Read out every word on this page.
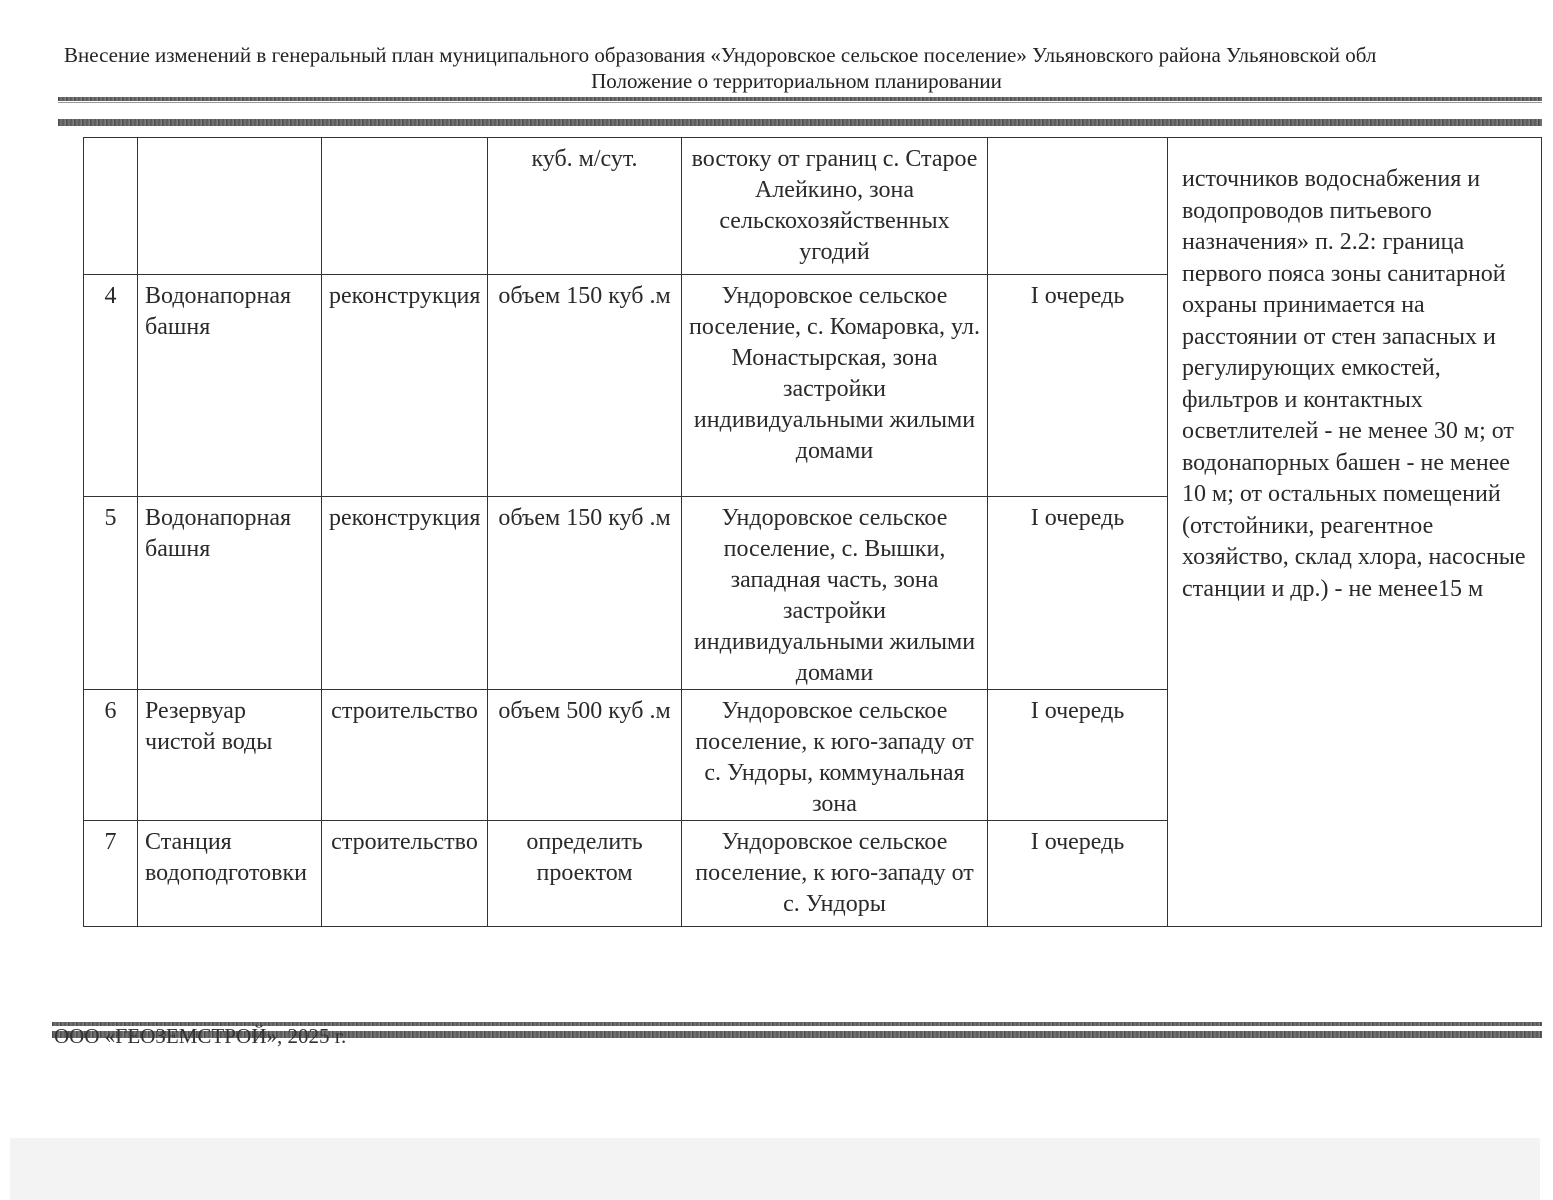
Внесение изменений в генеральный план муниципального образования «Ундоровское сельское поселение» Ульяновского района Ульяновской обл
Положение о территориальном планировании
			куб. м/сут.	востоку от границ с. Старое Алейкино, зона сельскохозяйственных угодий		источников водоснабжения и водопроводов питьевого назначения» п. 2.2: граница первого пояса зоны санитарной охраны принимается на расстоянии от стен запасных и регулирующих емкостей, фильтров и контактных осветлителей - не менее 30 м; от водонапорных башен - не менее 10 м; от остальных помещений (отстойники, реагентное хозяйство, склад хлора, насосные станции и др.) - не менее15 м
4	Водонапорная башня	реконструкция	объем 150 куб .м	Ундоровское сельское поселение, с. Комаровка, ул. Монастырская, зона застройки индивидуальными жилыми домами	I очередь	
5	Водонапорная башня	реконструкция	объем 150 куб .м	Ундоровское сельское поселение, с. Вышки, западная часть, зона застройки индивидуальными жилыми домами	I очередь	
6	Резервуар чистой воды	строительство	объем 500 куб .м	Ундоровское сельское поселение, к юго-западу от с. Ундоры, коммунальная зона	I очередь	
7	Станция водоподготовки	строительство	определить проектом	Ундоровское сельское поселение, к юго-западу от с. Ундоры	I очередь	
ООО «ГЕОЗЕМСТРОЙ», 2025 г.
